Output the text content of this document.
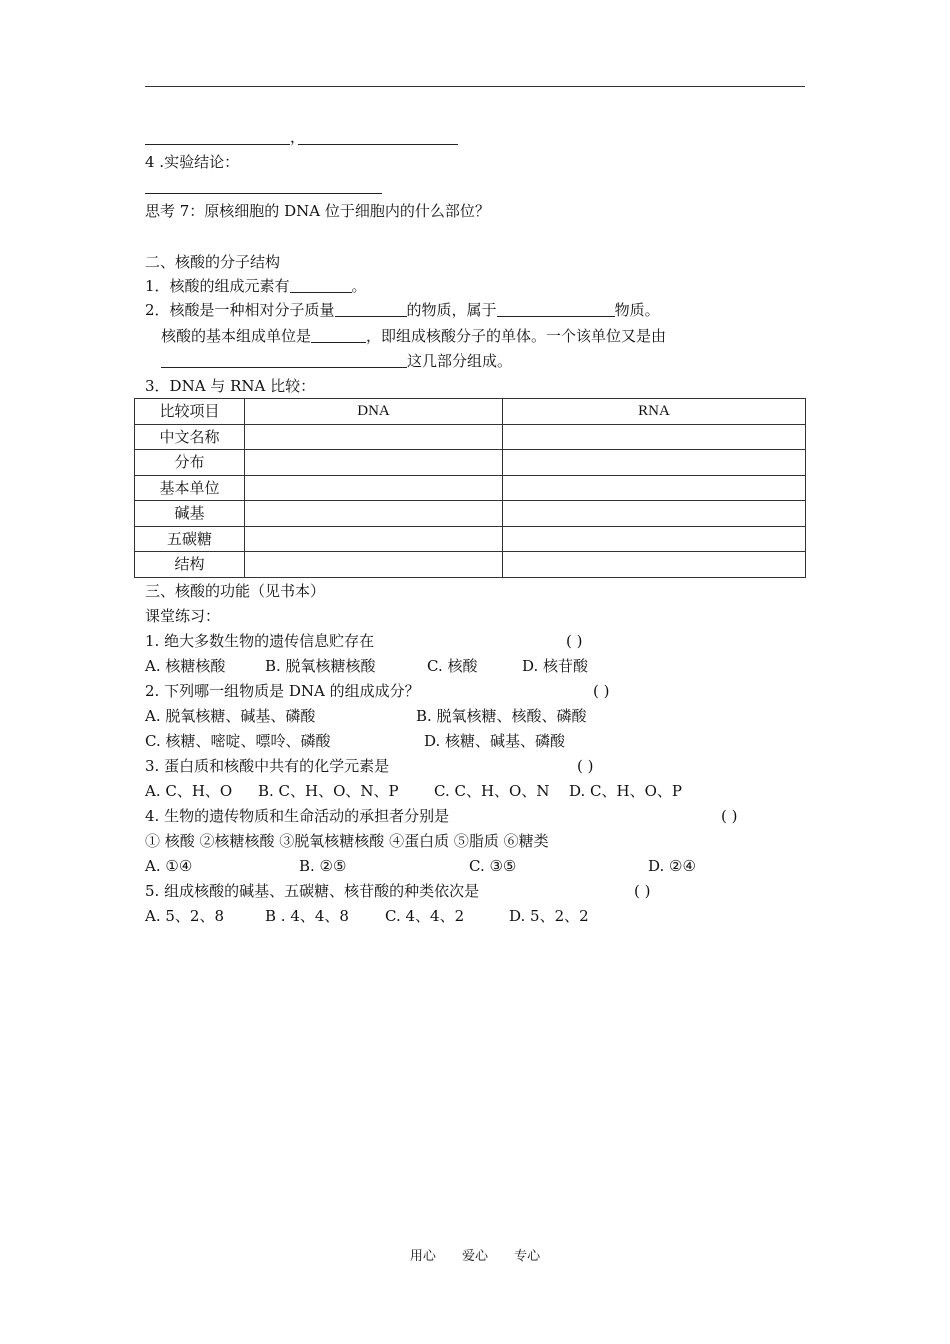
，
4 .实验结论：
思考 7：原核细胞的 DNA 位于细胞内的什么部位？
二、核酸的分子结构
1．核酸的组成元素有	。
2．核酸是一种相对分子质量	的物质，属于	物质。
核酸的基本组成单位是	，即组成核酸分子的单体。一个该单位又是由
这几部分组成。
3．DNA 与 RNA 比较：
比较项目	DNA	RNA
中文名称		
分布		
基本单位		
碱基		
五碳糖		
结构		
三、核酸的功能（见书本）
课堂练习：
1. 绝大多数生物的遗传信息贮存在	( )
A. 核糖核酸	B. 脱氧核糖核酸	C. 核酸	D. 核苷酸
2. 下列哪一组物质是 DNA 的组成成分？	( )
A. 脱氧核糖、碱基、磷酸	B. 脱氧核糖、核酸、磷酸
C. 核糖、嘧啶、嘌呤、磷酸	D. 核糖、碱基、磷酸
3. 蛋白质和核酸中共有的化学元素是	( )
A. C、H、O B. C、H、O、N、P C. C、H、O、N D. C、H、O、P
4. 生物的遗传物质和生命活动的承担者分别是	( )
① 核酸 ②核糖核酸 ③脱氧核糖核酸 ④蛋白质 ⑤脂质 ⑥糖类
A. ①④	B. ②⑤	C. ③⑤	D. ②④
5. 组成核酸的碱基、五碳糖、核苷酸的种类依次是	( )
A. 5、2、8	B . 4、4、8 C. 4、4、2	D. 5、2、2
用心 爱心 专心
